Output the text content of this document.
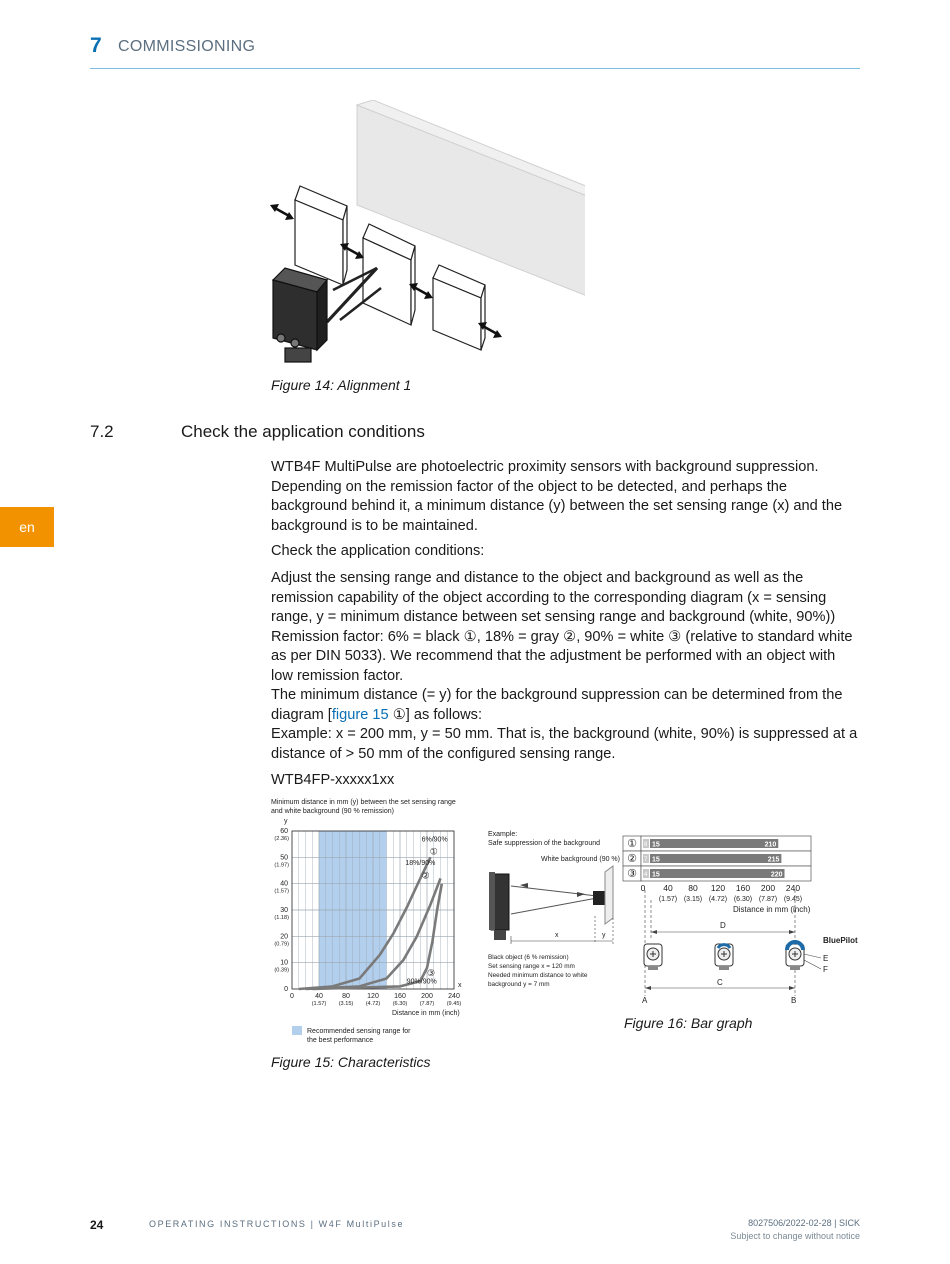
7 COMMISSIONING
en
Figure 14: Alignment 1
7.2	Check the application conditions
WTB4F MultiPulse are photoelectric proximity sensors with background suppression. Depending on the remission factor of the object to be detected, and perhaps the background behind it, a minimum distance (y) between the set sensing range (x) and the background is to be maintained.
Check the application conditions:
Adjust the sensing range and distance to the object and background as well as the remission capability of the object according to the corresponding diagram (x = sensing range, y = minimum distance between set sensing range and background (white, 90%)) Remission factor: 6% = black ①, 18% = gray ②, 90% = white ③ (relative to standard white as per DIN 5033). We recommend that the adjustment be performed with an object with low remission factor.
The minimum distance (= y) for the background suppression can be determined from the diagram [figure 15 ①] as follows:
Example: x = 200 mm, y = 50 mm. That is, the background (white, 90%) is suppressed at a distance of > 50 mm of the configured sensing range.
WTB4FP-xxxxx1xx
Minimum distance in mm (y) between the set sensing range
and white background (90 % remission)
y
0
10
(0.39)
20
(0.79)
30
(1.18)
40
(1.57)
50
(1.97)
60
(2.36)
0	40
(1.57)
80
(3.15)
120
(4.72)
160
(6.30)
200
(7.87)
240
(9.45)
6%/90%
①
18%/90%
②
90%/90%
③
x
Distance in mm (inch)
Recommended sensing range for
the best performance
Figure 15: Characteristics
Example:
Safe suppression of the background
White background (90 %)
x	y
Black object (6 % remission)
Set sensing range x = 120 mm
Needed minimum distance to white
background y = 7 mm
① 8 15	210
② 7 15	215
③ 4 15	220
0 40
(1.57)
80
(3.15)
120
(4.72)
160
(6.30)
200
(7.87)
240
(9.45)
Distance in mm (inch)
D
BluePilot
E
F
C
A	B
Figure 16: Bar graph
24	OPERATING INSTRUCTIONS | W4F MultiPulse	8027506/2022-02-28 | SICK
Subject to change without notice
